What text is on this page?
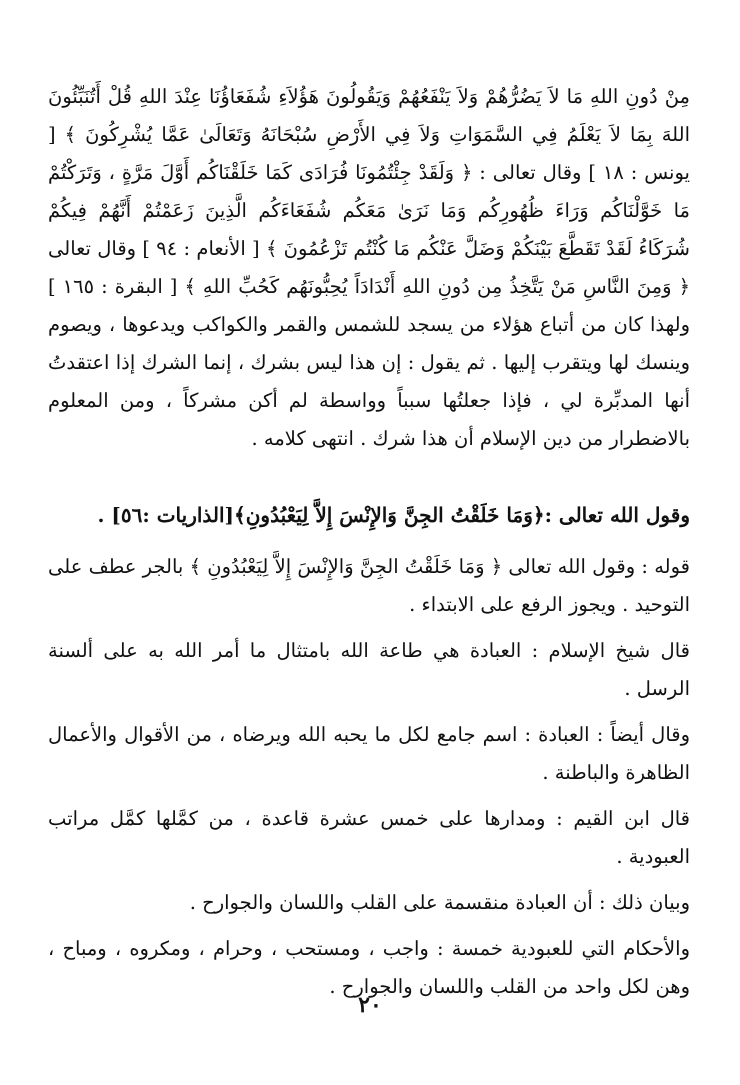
مِنْ دُونِ اللهِ مَا لاَ يَضُرُّهُمْ وَلاَ يَنْفَعُهُمْ وَيَقُولُونَ هَؤُلاَءِ شُفَعَاؤُنَا عِنْدَ اللهِ قُلْ أَتُنَبِّئُونَ اللهَ بِمَا لاَ يَعْلَمُ فِي السَّمَوَاتِ وَلاَ فِي الأَرْضِ سُبْحَانَهُ وَتَعَالَىٰ عَمَّا يُشْرِكُونَ ﴾ [ يونس : ١٨ ] وقال تعالى : ﴿ وَلَقَدْ جِئْتُمُونَا فُرَادَى كَمَا خَلَقْنَاكُم أَوَّلَ مَرَّةٍ ، وَتَرَكْتُمْ مَا خَوَّلْنَاكُم وَرَاءَ ظُهُورِكُم وَمَا نَرَىٰ مَعَكُم شُفَعَاءَكُم الَّذِينَ زَعَمْتُمْ أَنَّهُمْ فِيكُمْ شُرَكَاءُ لَقَدْ تَقَطَّعَ بَيْنَكُمْ وَضَلَّ عَنْكُم مَا كُنْتُم تَزْعُمُونَ ﴾ [ الأنعام : ٩٤ ] وقال تعالى ﴿ وَمِنَ النَّاسِ مَنْ يَتَّخِذُ مِن دُونِ اللهِ أَنْدَادَاً يُحِبُّونَهُم كَحُبِّ اللهِ ﴾ [ البقرة : ١٦٥ ] ولهذا كان من أتباع هؤلاء من يسجد للشمس والقمر والكواكب ويدعوها ، ويصوم وينسك لها ويتقرب إليها . ثم يقول : إن هذا ليس بشرك ، إنما الشرك إذا اعتقدتُ أنها المدبِّرة لي ، فإذا جعلتُها سبباً وواسطة لم أكن مشركاً ، ومن المعلوم بالاضطرار من دين الإسلام أن هذا شرك . انتهى كلامه .

وقول الله تعالى :﴿وَمَا خَلَقْتُ الجِنَّ وَالإِنْسَ إِلاَّ لِيَعْبُدُونِ﴾[الذاريات :٥٦] .

قوله : وقول الله تعالى ﴿ وَمَا خَلَقْتُ الجِنَّ وَالإِنْسَ إِلاَّ لِيَعْبُدُونِ ﴾ بالجر عطف على التوحيد . ويجوز الرفع على الابتداء .

قال شيخ الإسلام : العبادة هي طاعة الله بامتثال ما أمر الله به على ألسنة الرسل .

وقال أيضاً : العبادة : اسم جامع لكل ما يحبه الله ويرضاه ، من الأقوال والأعمال الظاهرة والباطنة .

قال ابن القيم : ومدارها على خمس عشرة قاعدة ، من كمَّلها كمَّل مراتب العبودية .

وبيان ذلك : أن العبادة منقسمة على القلب واللسان والجوارح .

والأحكام التي للعبودية خمسة : واجب ، ومستحب ، وحرام ، ومكروه ، ومباح ، وهن لكل واحد من القلب واللسان والجوارح .

٢٠
